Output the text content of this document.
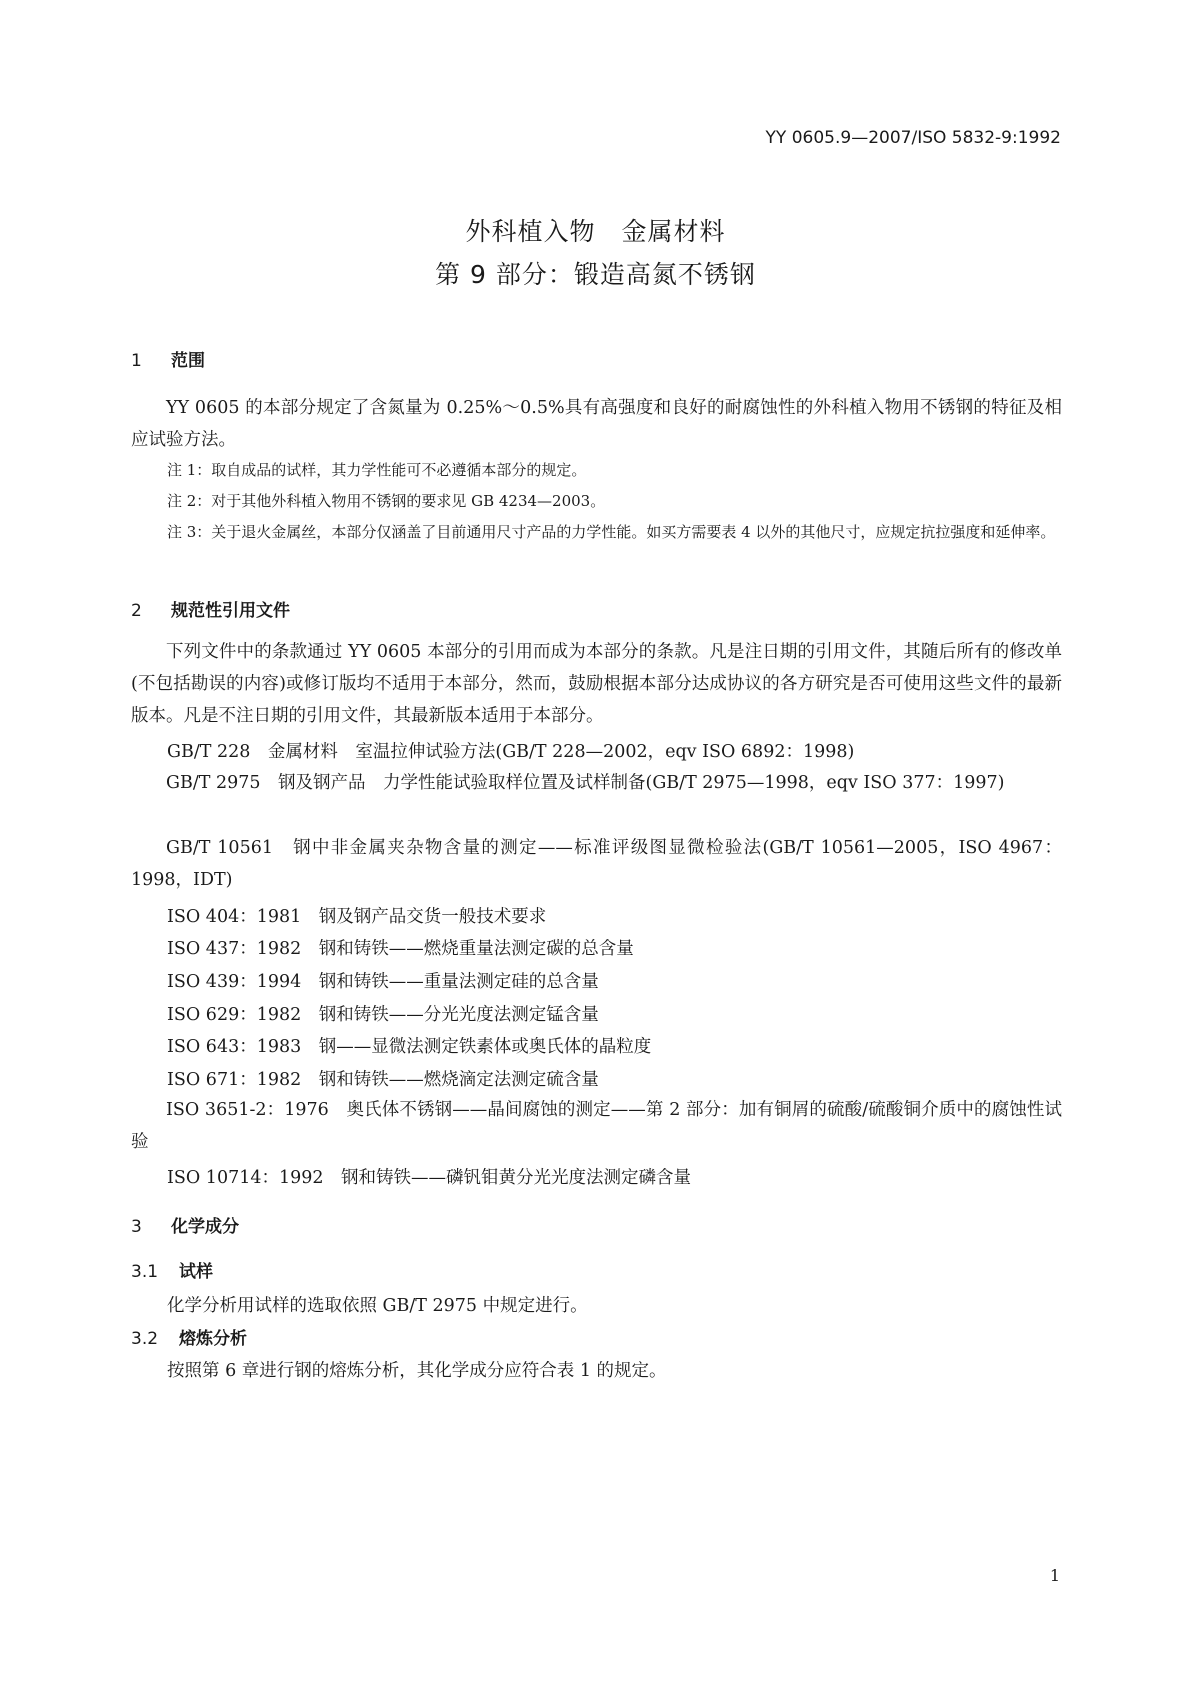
YY 0605.9—2007/ISO 5832-9:1992
外科植入物　金属材料
第 9 部分：锻造高氮不锈钢
1 范围
YY 0605 的本部分规定了含氮量为 0.25%～0.5%具有高强度和良好的耐腐蚀性的外科植入物用不锈钢的特征及相应试验方法。
注 1：取自成品的试样，其力学性能可不必遵循本部分的规定。
注 2：对于其他外科植入物用不锈钢的要求见 GB 4234—2003。
注 3：关于退火金属丝，本部分仅涵盖了目前通用尺寸产品的力学性能。如买方需要表 4 以外的其他尺寸，应规定抗拉强度和延伸率。
2 规范性引用文件
下列文件中的条款通过 YY 0605 本部分的引用而成为本部分的条款。凡是注日期的引用文件，其随后所有的修改单(不包括勘误的内容)或修订版均不适用于本部分，然而，鼓励根据本部分达成协议的各方研究是否可使用这些文件的最新版本。凡是不注日期的引用文件，其最新版本适用于本部分。
GB/T 228　金属材料　室温拉伸试验方法(GB/T 228—2002，eqv ISO 6892：1998)
GB/T 2975　钢及钢产品　力学性能试验取样位置及试样制备(GB/T 2975—1998，eqv ISO 377：1997)
GB/T 10561　钢中非金属夹杂物含量的测定——标准评级图显微检验法(GB/T 10561—2005，ISO 4967：1998，IDT)
ISO 404：1981　钢及钢产品交货一般技术要求
ISO 437：1982　钢和铸铁——燃烧重量法测定碳的总含量
ISO 439：1994　钢和铸铁——重量法测定硅的总含量
ISO 629：1982　钢和铸铁——分光光度法测定锰含量
ISO 643：1983　钢——显微法测定铁素体或奥氏体的晶粒度
ISO 671：1982　钢和铸铁——燃烧滴定法测定硫含量
ISO 3651-2：1976　奥氏体不锈钢——晶间腐蚀的测定——第 2 部分：加有铜屑的硫酸/硫酸铜介质中的腐蚀性试验
ISO 10714：1992　钢和铸铁——磷钒钼黄分光光度法测定磷含量
3 化学成分
3.1 试样
化学分析用试样的选取依照 GB/T 2975 中规定进行。
3.2 熔炼分析
按照第 6 章进行钢的熔炼分析，其化学成分应符合表 1 的规定。
1
